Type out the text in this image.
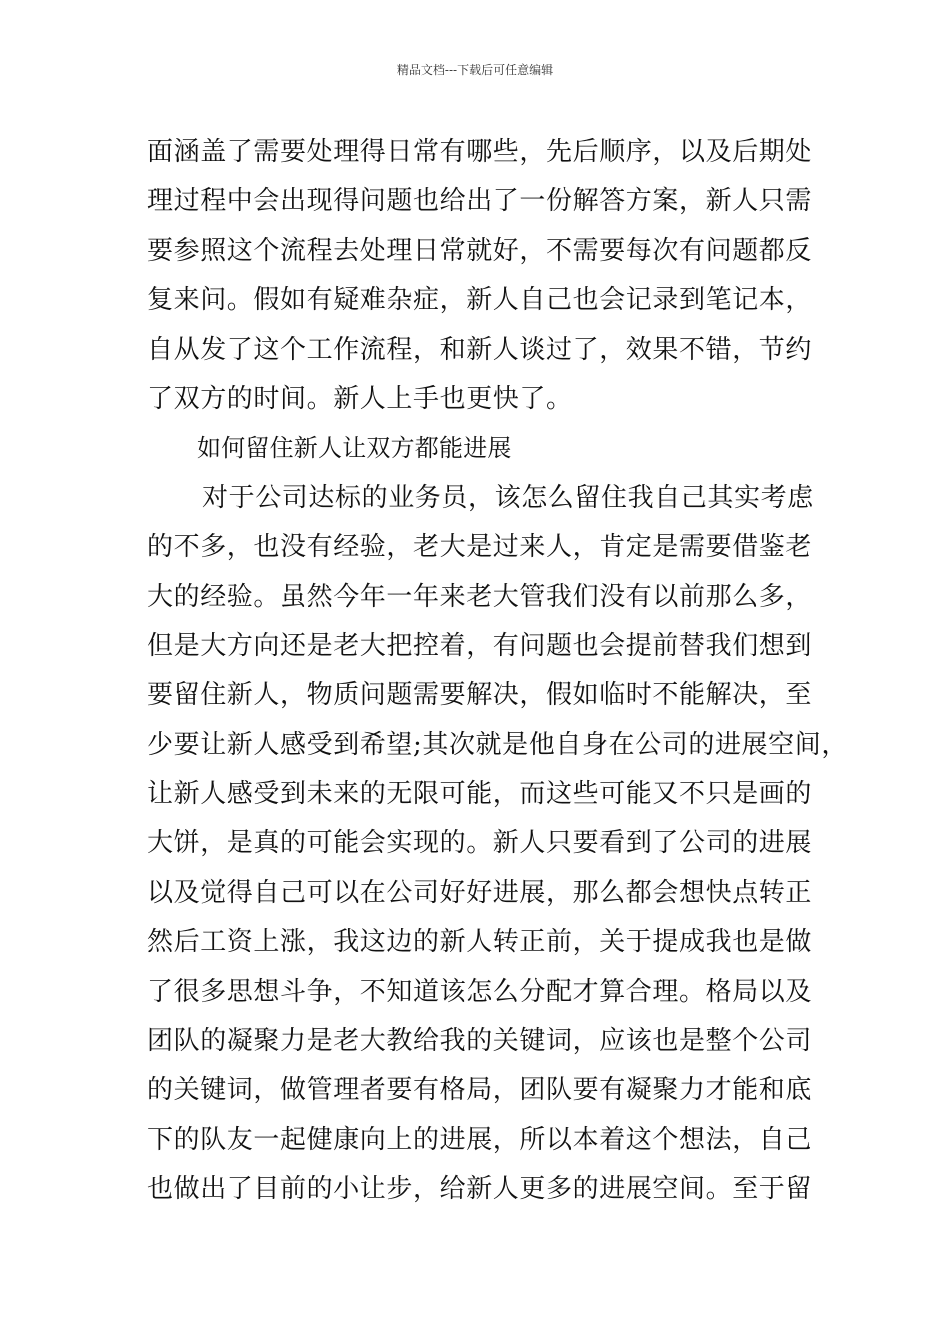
精品文档---下载后可任意编辑
面涵盖了需要处理得日常有哪些，先后顺序，以及后期处
理过程中会出现得问题也给出了一份解答方案，新人只需
要参照这个流程去处理日常就好，不需要每次有问题都反
复来问。假如有疑难杂症，新人自己也会记录到笔记本，
自从发了这个工作流程，和新人谈过了，效果不错，节约
了双方的时间。新人上手也更快了。
如何留住新人让双方都能进展
对于公司达标的业务员，该怎么留住我自己其实考虑
的不多，也没有经验，老大是过来人，肯定是需要借鉴老
大的经验。虽然今年一年来老大管我们没有以前那么多，
但是大方向还是老大把控着，有问题也会提前替我们想到
要留住新人，物质问题需要解决，假如临时不能解决，至
少要让新人感受到希望;其次就是他自身在公司的进展空间，
让新人感受到未来的无限可能，而这些可能又不只是画的
大饼，是真的可能会实现的。新人只要看到了公司的进展
以及觉得自己可以在公司好好进展，那么都会想快点转正
然后工资上涨，我这边的新人转正前，关于提成我也是做
了很多思想斗争，不知道该怎么分配才算合理。格局以及
团队的凝聚力是老大教给我的关键词，应该也是整个公司
的关键词，做管理者要有格局，团队要有凝聚力才能和底
下的队友一起健康向上的进展，所以本着这个想法，自己
也做出了目前的小让步，给新人更多的进展空间。至于留
